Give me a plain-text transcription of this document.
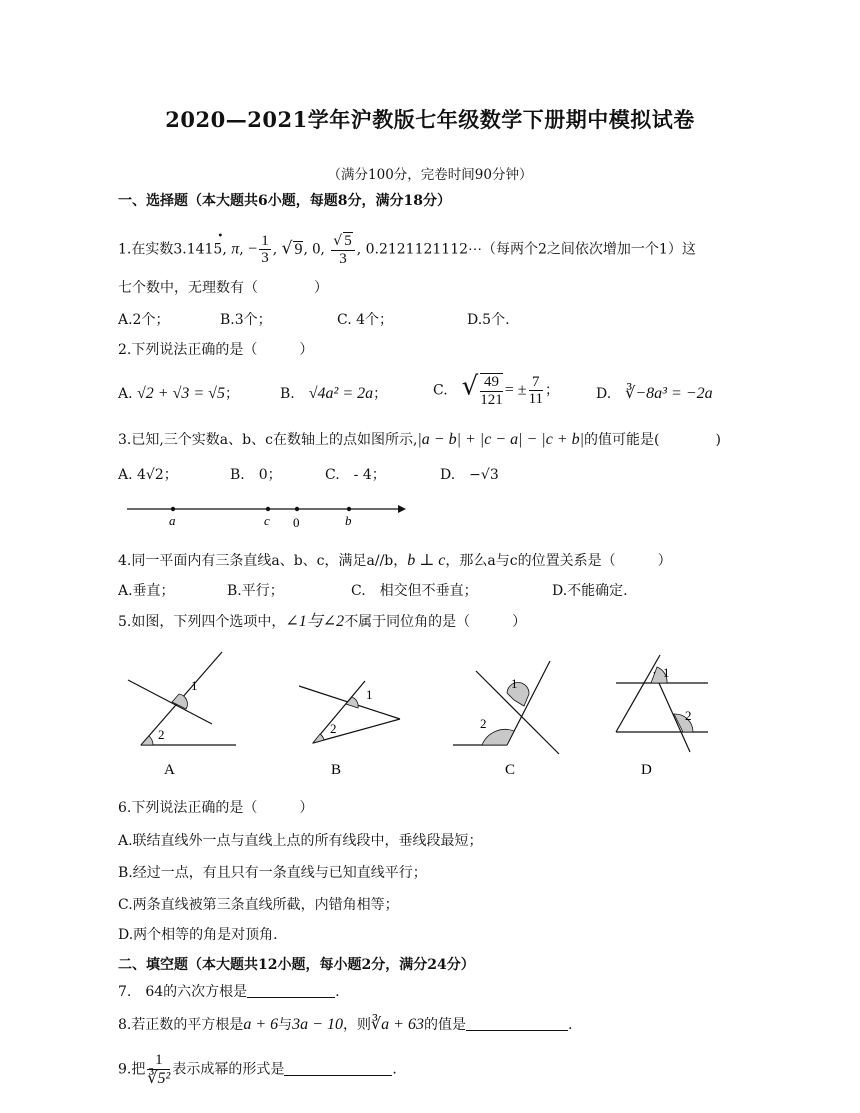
2020—2021学年沪教版七年级数学下册期中模拟试卷
（满分100分，完卷时间90分钟）
一、选择题（本大题共6小题，每题8分，满分18分）
1.在实数3.1415
•
, π, − $\frac{1}{3}$ , √ 9, 0, $\frac{√ 5}{3}$ , 0.2121121112⋯（每两个2之间依次增加一个1）这
七个数中，无理数有（　　　　）
A.2个；	B.3个；	C. 4个；	D.5个.
2.下列说法正确的是（　　　）
A. √2 + √3 = √5；	B.　 √4a² = 2a；	C.　 √ $\frac{49}{121}$ = ± $\frac{7}{11}$ ；	D.　 ∛−8a³ = −2a
3.已知,三个实数a、b、c在数轴上的点如图所示,|a − b| + |c − a| − |c + b|的值可能是(　　　　)
A. 4√2；	B.　0；	C.　- 4；	D.　−√3
a	c 0	b
4.同一平面内有三条直线a、b、c，满足a//b，b ⊥ c，那么a与c的位置关系是（　　　）
A.垂直；	B.平行；	C.　相交但不垂直；	D.不能确定.
5.如图，下列四个选项中，∠1与∠2不属于同位角的是（　　　）
1
2
A
1
2
B
1
2
C
1
2
D
6.下列说法正确的是（　　　）
A.联结直线外一点与直线上点的所有线段中，垂线段最短；
B.经过一点，有且只有一条直线与已知直线平行；
C.两条直线被第三条直线所截，内错角相等；
D.两个相等的角是对顶角.
二、填空题（本大题共12小题，每小题2分，满分24分）
7.　64的六次方根是	.
8.若正数的平方根是a + 6与3a − 10，则∛a + 63的值是	.
9.把 $\frac{1}{\text{∛5²}}$ 表示成幂的形式是	.
